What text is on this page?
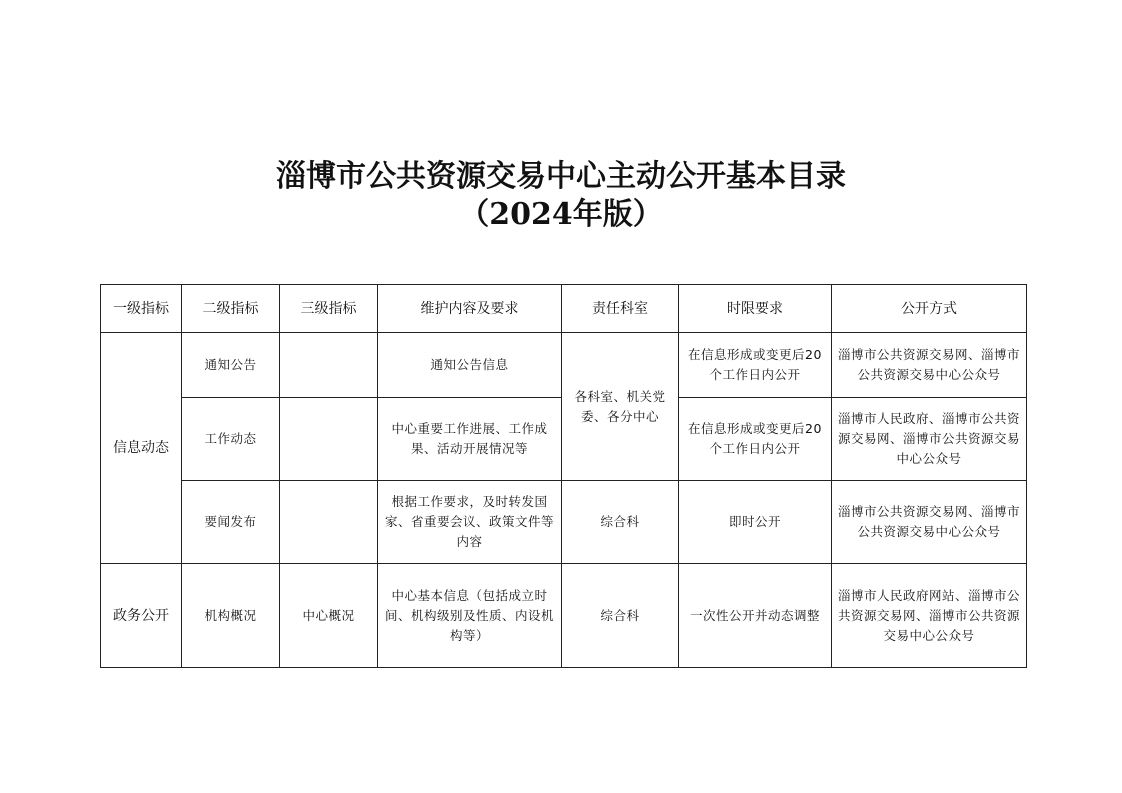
淄博市公共资源交易中心主动公开基本目录
（2024年版）
一级指标	二级指标	三级指标	维护内容及要求	责任科室	时限要求	公开方式
信息动态	通知公告		通知公告信息	各科室、机关党委、各分中心	在信息形成或变更后20个工作日内公开	淄博市公共资源交易网、淄博市公共资源交易中心公众号
	工作动态		中心重要工作进展、工作成果、活动开展情况等		在信息形成或变更后20个工作日内公开	淄博市人民政府、淄博市公共资源交易网、淄博市公共资源交易中心公众号
	要闻发布		根据工作要求，及时转发国家、省重要会议、政策文件等内容	综合科	即时公开	淄博市公共资源交易网、淄博市公共资源交易中心公众号
政务公开	机构概况	中心概况	中心基本信息（包括成立时间、机构级别及性质、内设机构等）	综合科	一次性公开并动态调整	淄博市人民政府网站、淄博市公共资源交易网、淄博市公共资源交易中心公众号
